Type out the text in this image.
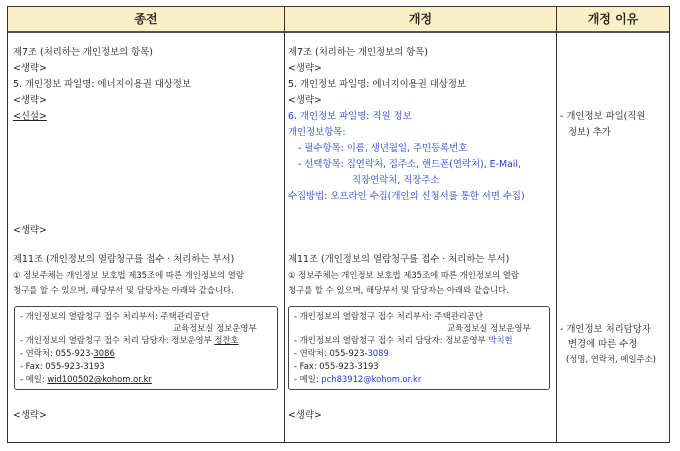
종전	개정	개정 이유
제7조 (처리하는 개인정보의 항목)
<생략>
5. 개인정보 파일명: 에너지이용권 대상정보
<생략>
<신설>
<생략>
제11조 (개인정보의 열람청구를 접수 · 처리하는 부서)
① 정보주체는 개인정보 보호법 제35조에 따른 개인정보의 열람
청구를 할 수 있으며, 해당부서 및 담당자는 아래와 같습니다.
- 개인정보의 열람청구 접수 처리부서: 주택관리공단
교육정보실 정보운영부
- 개인정보의 열람청구 접수 처리 담당자: 정보운영부 정찬호
- 연락처: 055-923-3086
- Fax: 055-923-3193
- 메일: wid100502@kohom.or.kr
<생략>
제7조 (처리하는 개인정보의 항목)
<생략>
5. 개인정보 파일명: 에너지이용권 대상정보
<생략>
6. 개인정보 파일명: 직원 정보
개인정보항목:
- 필수항목: 이름, 생년월일, 주민등록번호
- 선택항목: 집연락처, 집주소, 핸드폰(연락처), E-Mail,
직장연락처, 직장주소
수집방법: 오프라인 수집(개인의 신청서를 통한 서면 수집)
제11조 (개인정보의 열람청구를 접수 · 처리하는 부서)
① 정보주체는 개인정보 보호법 제35조에 따른 개인정보의 열람
청구를 할 수 있으며, 해당부서 및 담당자는 아래와 같습니다.
- 개인정보의 열람청구 접수 처리부서: 주택관리공단
교육정보실 정보운영부
- 개인정보의 열람청구 접수 처리 담당자: 정보운영부 박치현
- 연락처: 055-923-3089
- Fax: 055-923-3193
- 메일: pch83912@kohom.or.kr
<생략>
- 개인정보 파일(직원
정보) 추가
- 개인정보 처리담당자
변경에 따른 수정
(성명, 연락처, 메일주소)
